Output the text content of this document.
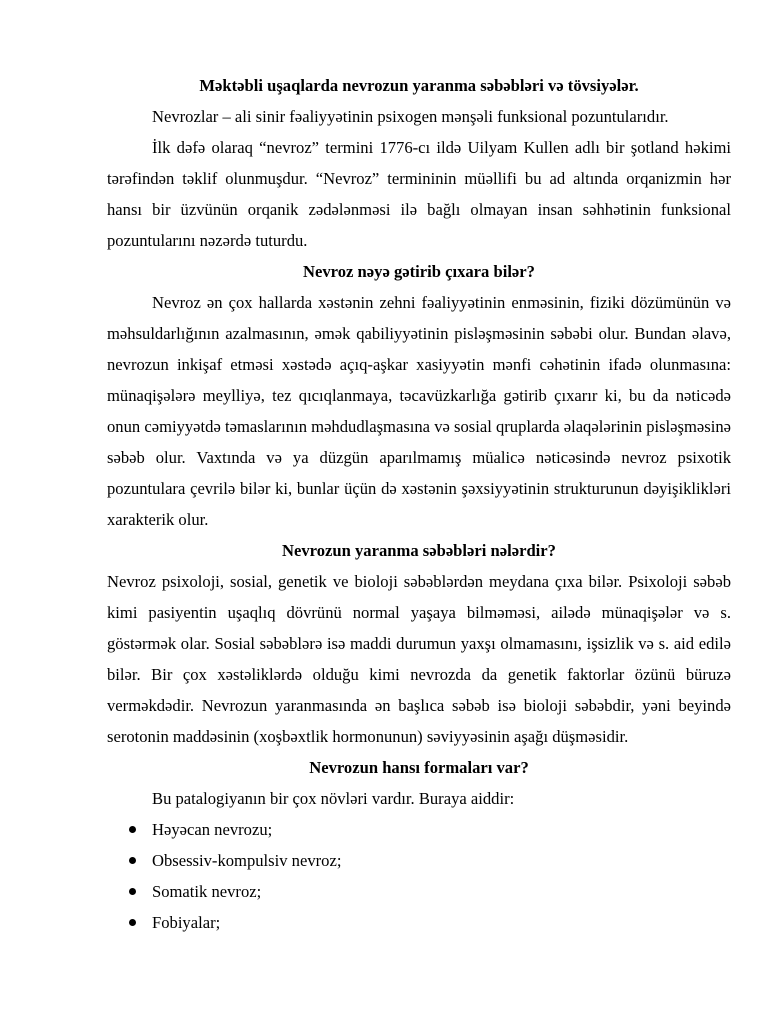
Məktəbli uşaqlarda nevrozun yaranma səbəbləri və tövsiyələr.

Nevrozlar – ali sinir fəaliyyətinin psixogen mənşəli funksional pozuntularıdır.

İlk dəfə olaraq “nevroz” termini 1776-cı ildə Uilyam Kullen adlı bir şotland həkimi tərəfindən təklif olunmuşdur. “Nevroz” termininin müəllifi bu ad altında orqanizmin hər hansı bir üzvünün orqanik zədələnməsi ilə bağlı olmayan insan səhhətinin funksional pozuntularını nəzərdə tuturdu.

Nevroz nəyə gətirib çıxara bilər?

Nevroz ən çox hallarda xəstənin zehni fəaliyyətinin enməsinin, fiziki dözümünün və məhsuldarlığının azalmasının, əmək qabiliyyətinin pisləşməsinin səbəbi olur. Bundan əlavə, nevrozun inkişaf etməsi xəstədə açıq-aşkar xasiyyətin mənfi cəhətinin ifadə olunmasına: münaqişələrə meylliyə, tez qıcıqlanmaya, təcavüzkarlığa gətirib çıxarır ki, bu da nəticədə onun cəmiyyətdə təmaslarının məhdudlaşmasına və sosial qruplarda əlaqələrinin pisləşməsinə səbəb olur. Vaxtında və ya düzgün aparılmamış müalicə nəticəsində nevroz psixotik pozuntulara çevrilə bilər ki, bunlar üçün də xəstənin şəxsiyyətinin strukturunun dəyişiklikləri xarakterik olur.

Nevrozun yaranma səbəbləri nələrdir?

Nevroz psixoloji, sosial, genetik ve bioloji səbəblərdən meydana çıxa bilər. Psixoloji səbəb kimi pasiyentin uşaqlıq dövrünü normal yaşaya bilməməsi, ailədə münaqişələr və s. göstərmək olar. Sosial səbəblərə isə maddi durumun yaxşı olmamasını, işsizlik və s. aid edilə bilər. Bir çox xəstəliklərdə olduğu kimi nevrozda da genetik faktorlar özünü büruzə verməkdədir. Nevrozun yaranmasında ən başlıca səbəb isə bioloji səbəbdir, yəni beyində serotonin maddəsinin (xoşbəxtlik hormonunun) səviyyəsinin aşağı düşməsidir.

Nevrozun hansı formaları var?

Bu patalogiyanın bir çox növləri vardır. Buraya aiddir:

Həyəcan nevrozu;
Obsessiv-kompulsiv nevroz;
Somatik nevroz;
Fobiyalar;
